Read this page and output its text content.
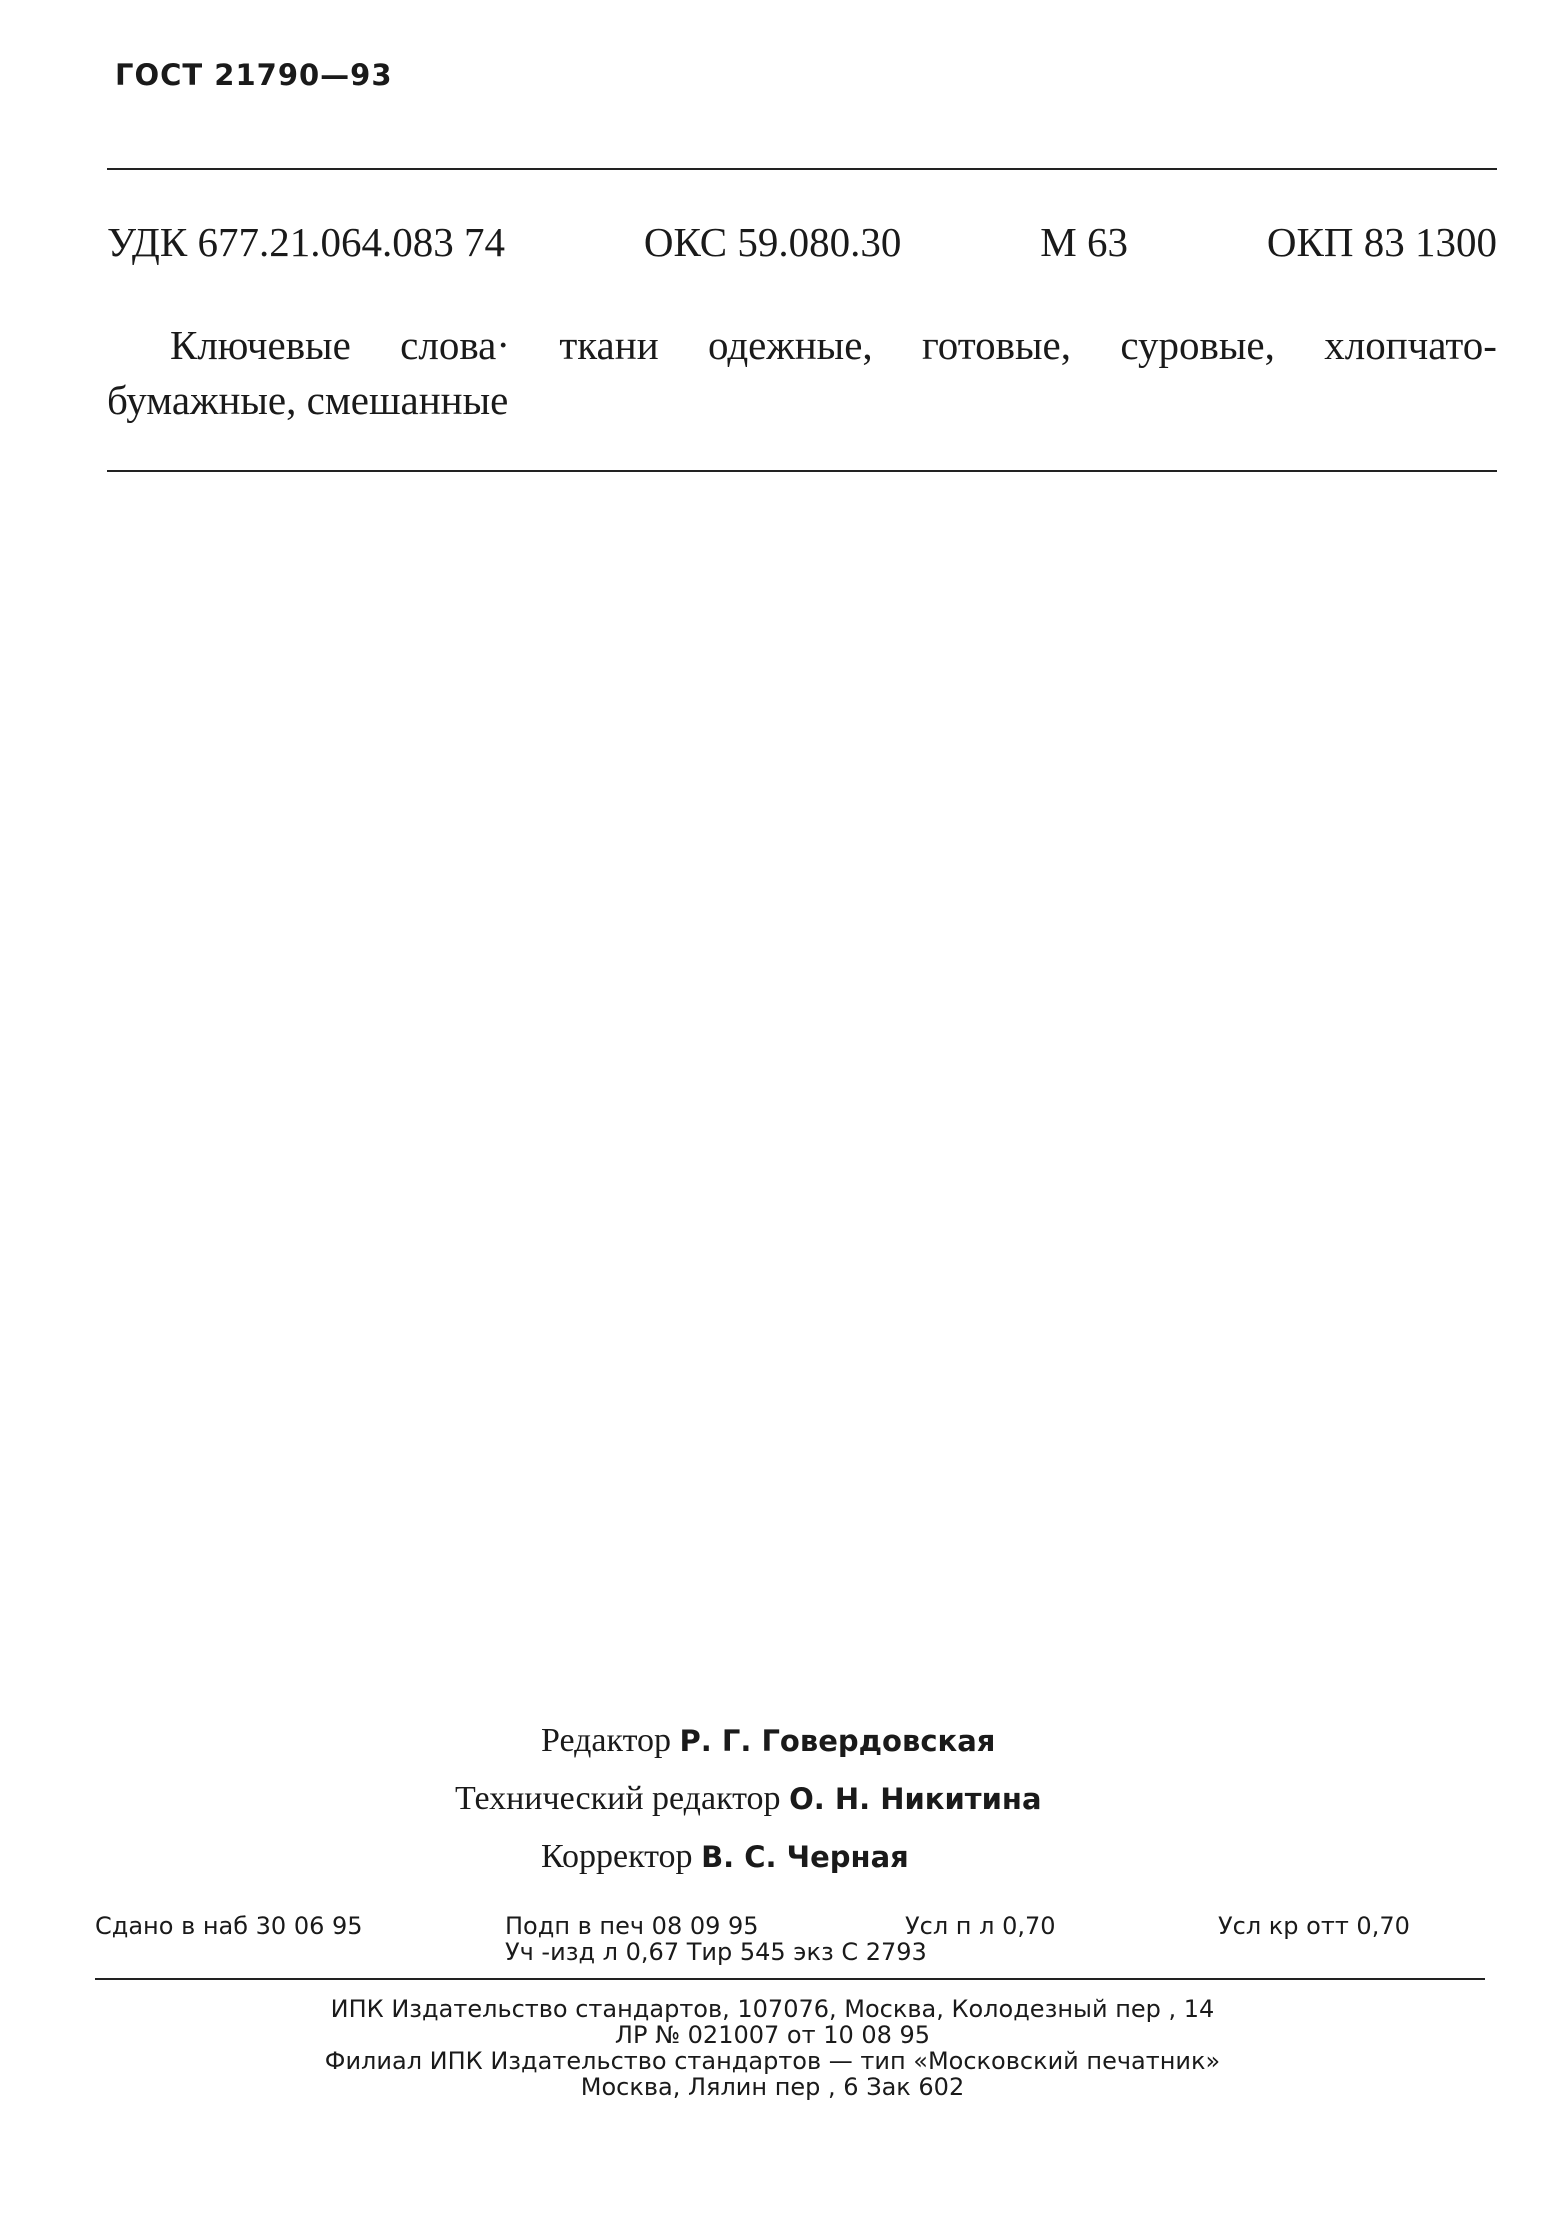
ГОСТ 21790—93
УДК 677.21.064.083 74	ОКС 59.080.30	М 63	ОКП 83 1300
Ключевые слова· ткани одежные, готовые, суровые, хлопчато-
бумажные, смешанные
Редактор Р. Г. Говердовская
Технический редактор О. Н. Никитина
Корректор В. С. Черная
Сдано в наб 30 06 95	Подп в печ 08 09 95	Усл п л 0,70	Усл кр отт 0,70
Уч -изд л 0,67 Тир 545 экз С 2793
ИПК Издательство стандартов, 107076, Москва, Колодезный пер , 14
ЛР № 021007 от 10 08 95
Филиал ИПК Издательство стандартов — тип «Московский печатник»
Москва, Лялин пер , 6 Зак 602
